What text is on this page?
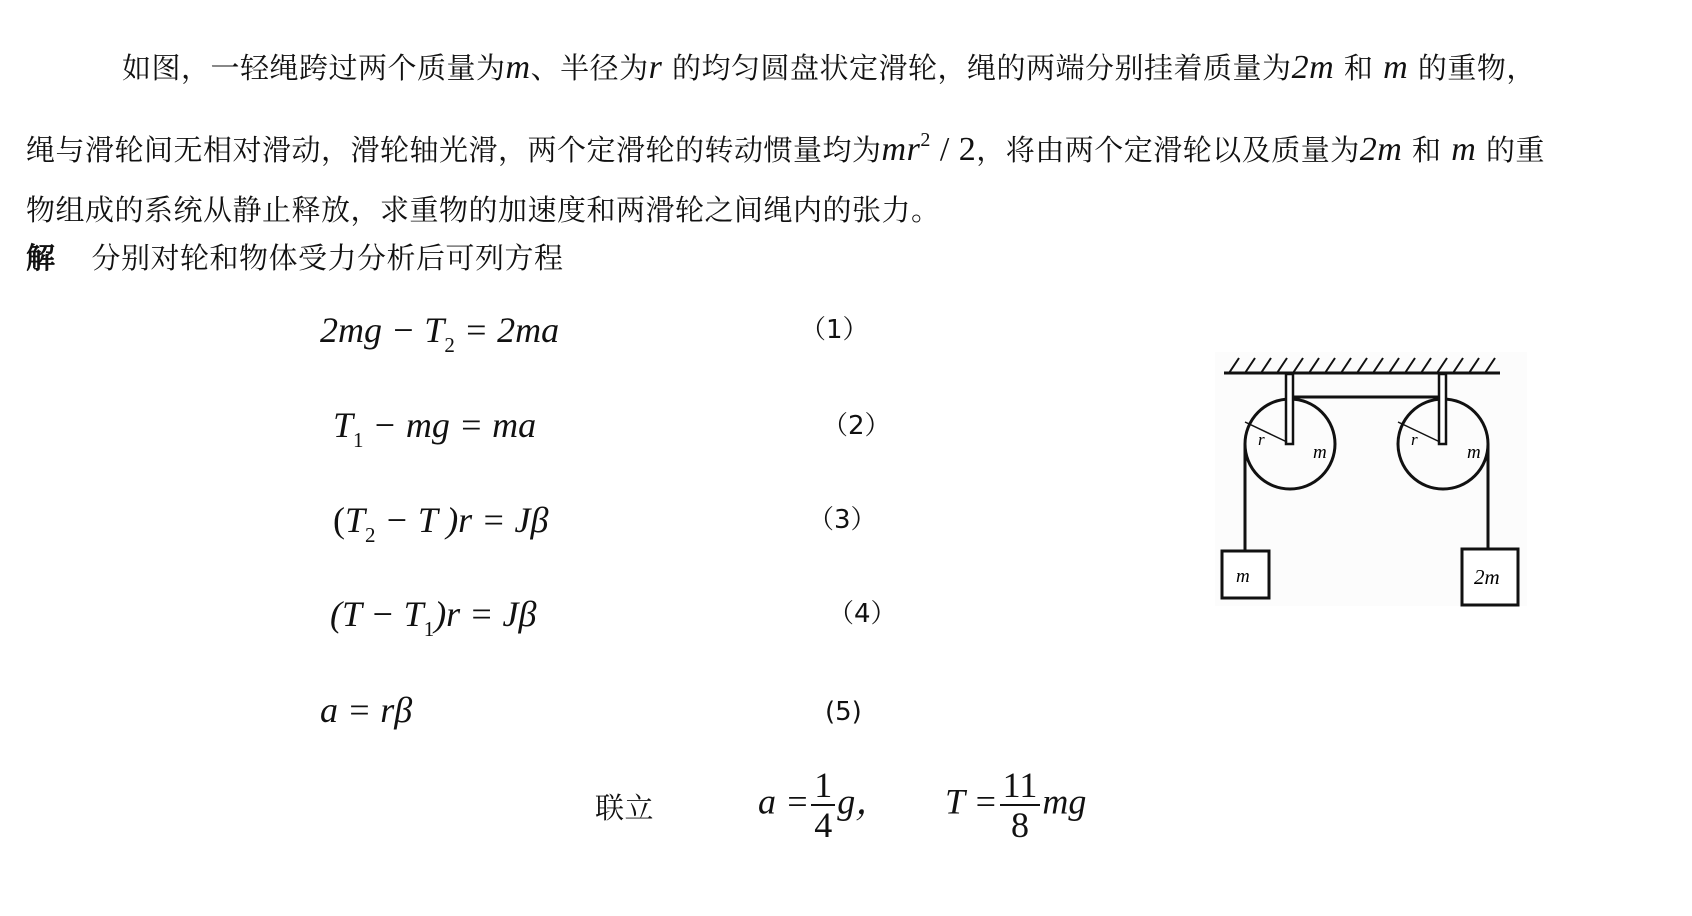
如图，一轻绳跨过两个质量为m、半径为r 的均匀圆盘状定滑轮，绳的两端分别挂着质量为2m 和 m 的重物，
绳与滑轮间无相对滑动，滑轮轴光滑，两个定滑轮的转动惯量均为$mr^2 / 2$，将由两个定滑轮以及质量为2m 和 m 的重
物组成的系统从静止释放，求重物的加速度和两滑轮之间绳内的张力。
解 分别对轮和物体受力分析后可列方程
$2mg - T_2 = 2ma$	（1）
$T_1$ − mg = ma	（2）
($T_2 - T$ )r = Jβ	（3）
$(T - T_1)r = J\beta$	（4）
a = rβ	(5)
联立	$a = \frac{1}{4}$ g， $T = \frac{11}{8}$ mg
r
m
r
m
m	2m
